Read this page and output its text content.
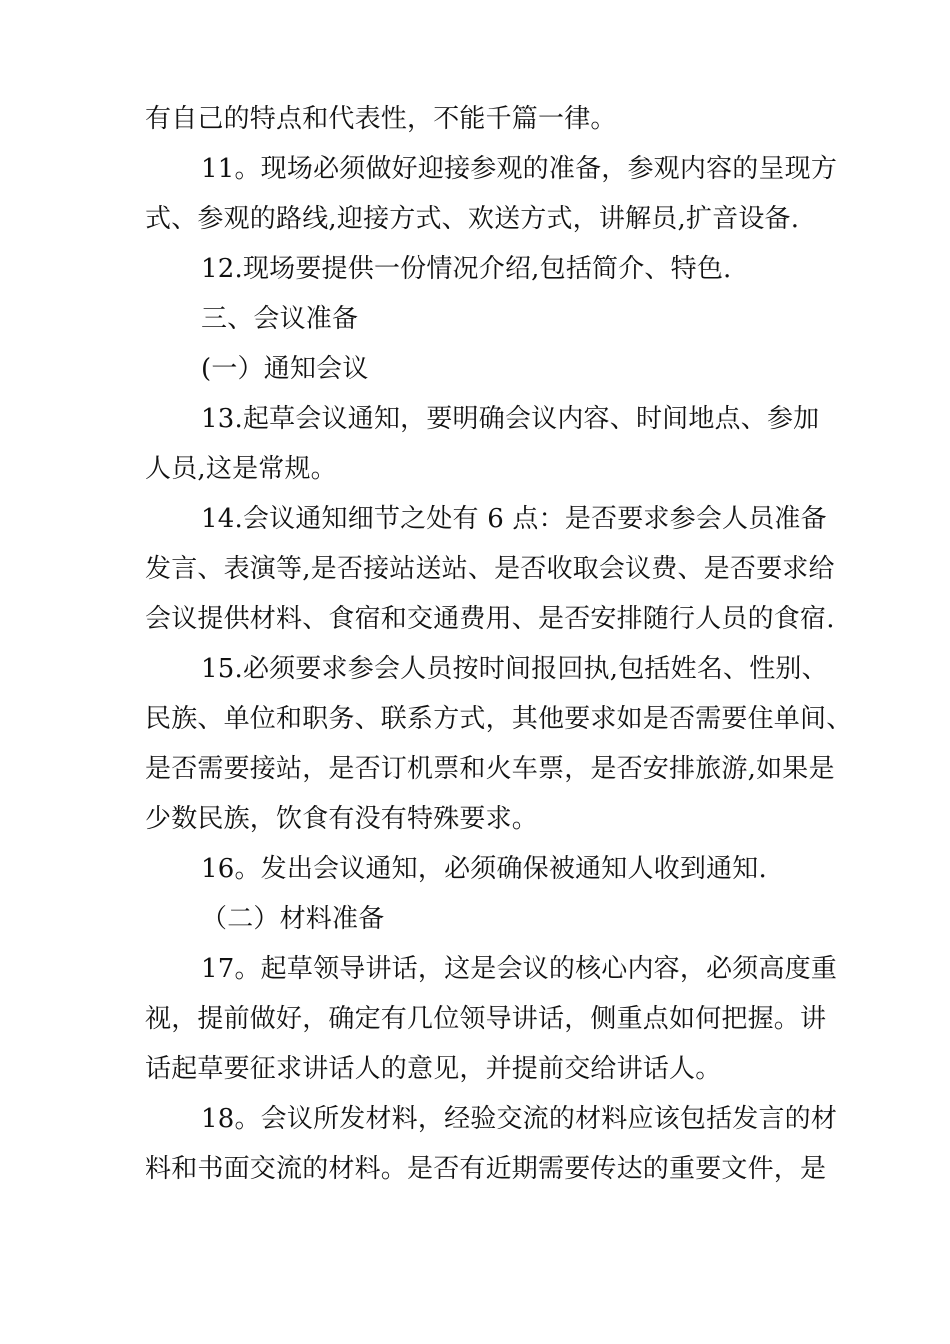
有自己的特点和代表性，不能千篇一律。
11。现场必须做好迎接参观的准备，参观内容的呈现方
式、参观的路线,迎接方式、欢送方式，讲解员,扩音设备.
12.现场要提供一份情况介绍,包括简介、特色.
三、会议准备
(一）通知会议
13.起草会议通知，要明确会议内容、时间地点、参加
人员,这是常规。
14.会议通知细节之处有 6 点：是否要求参会人员准备
发言、表演等,是否接站送站、是否收取会议费、是否要求给
会议提供材料、食宿和交通费用、是否安排随行人员的食宿.
15.必须要求参会人员按时间报回执,包括姓名、性别、
民族、单位和职务、联系方式，其他要求如是否需要住单间、
是否需要接站，是否订机票和火车票，是否安排旅游,如果是
少数民族，饮食有没有特殊要求。
16。发出会议通知，必须确保被通知人收到通知.
（二）材料准备
17。起草领导讲话，这是会议的核心内容，必须高度重
视，提前做好，确定有几位领导讲话，侧重点如何把握。讲
话起草要征求讲话人的意见，并提前交给讲话人。
18。会议所发材料，经验交流的材料应该包括发言的材
料和书面交流的材料。是否有近期需要传达的重要文件，是
